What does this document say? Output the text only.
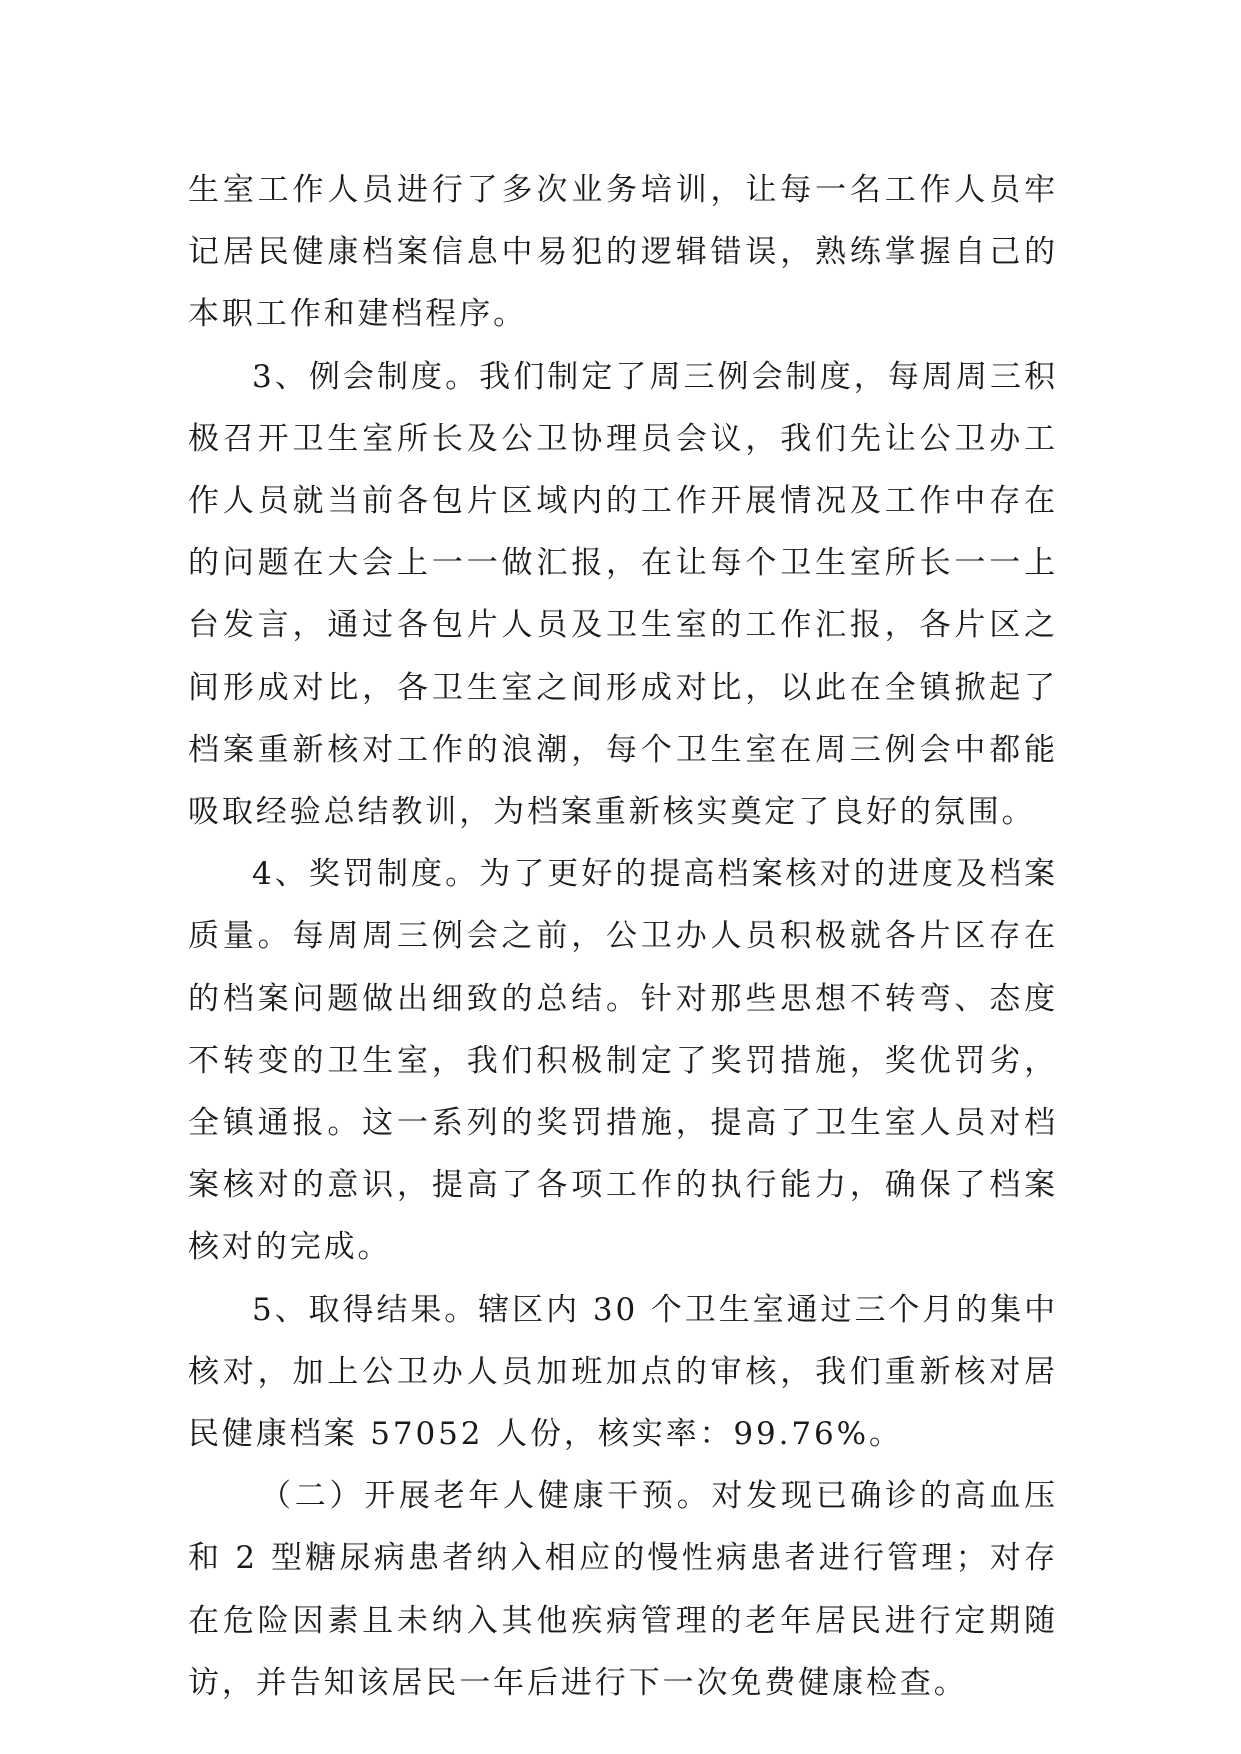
生室工作人员进行了多次业务培训，让每一名工作人员牢记居民健康档案信息中易犯的逻辑错误，熟练掌握自己的本职工作和建档程序。

3、例会制度。我们制定了周三例会制度，每周周三积极召开卫生室所长及公卫协理员会议，我们先让公卫办工作人员就当前各包片区域内的工作开展情况及工作中存在的问题在大会上一一做汇报，在让每个卫生室所长一一上台发言，通过各包片人员及卫生室的工作汇报，各片区之间形成对比，各卫生室之间形成对比，以此在全镇掀起了档案重新核对工作的浪潮，每个卫生室在周三例会中都能吸取经验总结教训，为档案重新核实奠定了良好的氛围。

4、奖罚制度。为了更好的提高档案核对的进度及档案质量。每周周三例会之前，公卫办人员积极就各片区存在的档案问题做出细致的总结。针对那些思想不转弯、态度不转变的卫生室，我们积极制定了奖罚措施，奖优罚劣，全镇通报。这一系列的奖罚措施，提高了卫生室人员对档案核对的意识，提高了各项工作的执行能力，确保了档案核对的完成。

5、取得结果。辖区内 30 个卫生室通过三个月的集中核对，加上公卫办人员加班加点的审核，我们重新核对居民健康档案 57052 人份，核实率：99.76%。

（二）开展老年人健康干预。对发现已确诊的高血压和 2 型糖尿病患者纳入相应的慢性病患者进行管理；对存在危险因素且未纳入其他疾病管理的老年居民进行定期随访，并告知该居民一年后进行下一次免费健康检查。
